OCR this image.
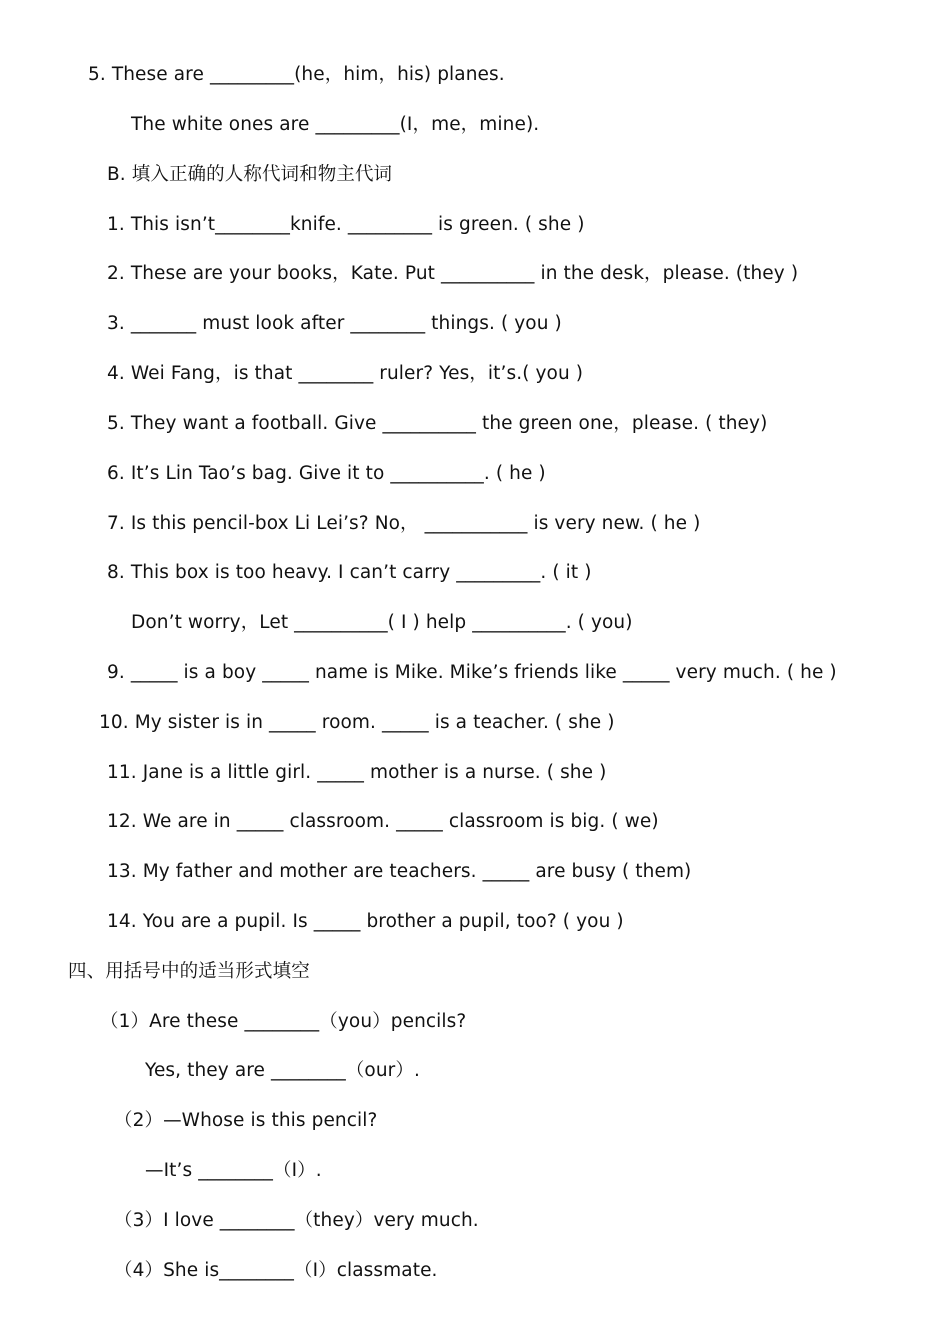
5. These are _________(he，him，his) planes.
The white ones are _________(I，me，mine).
B. 填入正确的人称代词和物主代词
1. This isn’t________knife. _________ is green. ( she )
2. These are your books，Kate. Put __________ in the desk，please. (they )
3. _______ must look after ________ things. ( you )
4. Wei Fang，is that ________ ruler? Yes，it’s.( you )
5. They want a football. Give __________ the green one，please. ( they)
6. It’s Lin Tao’s bag. Give it to __________. ( he )
7. Is this pencil-box Li Lei’s? No， ___________ is very new. ( he )
8. This box is too heavy. I can’t carry _________. ( it )
Don’t worry，Let __________( I ) help __________. ( you)
9. _____ is a boy _____ name is Mike. Mike’s friends like _____ very much. ( he )
10. My sister is in _____ room. _____ is a teacher. ( she )
11. Jane is a little girl. _____ mother is a nurse. ( she )
12. We are in _____ classroom. _____ classroom is big. ( we)
13. My father and mother are teachers. _____ are busy ( them)
14. You are a pupil. Is _____ brother a pupil, too? ( you )
四、用括号中的适当形式填空
（1）Are these ________（you）pencils?
Yes, they are ________（our）.
（2）—Whose is this pencil?
—It’s ________（I）.
（3）I love ________（they）very much.
（4）She is________（I）classmate.
